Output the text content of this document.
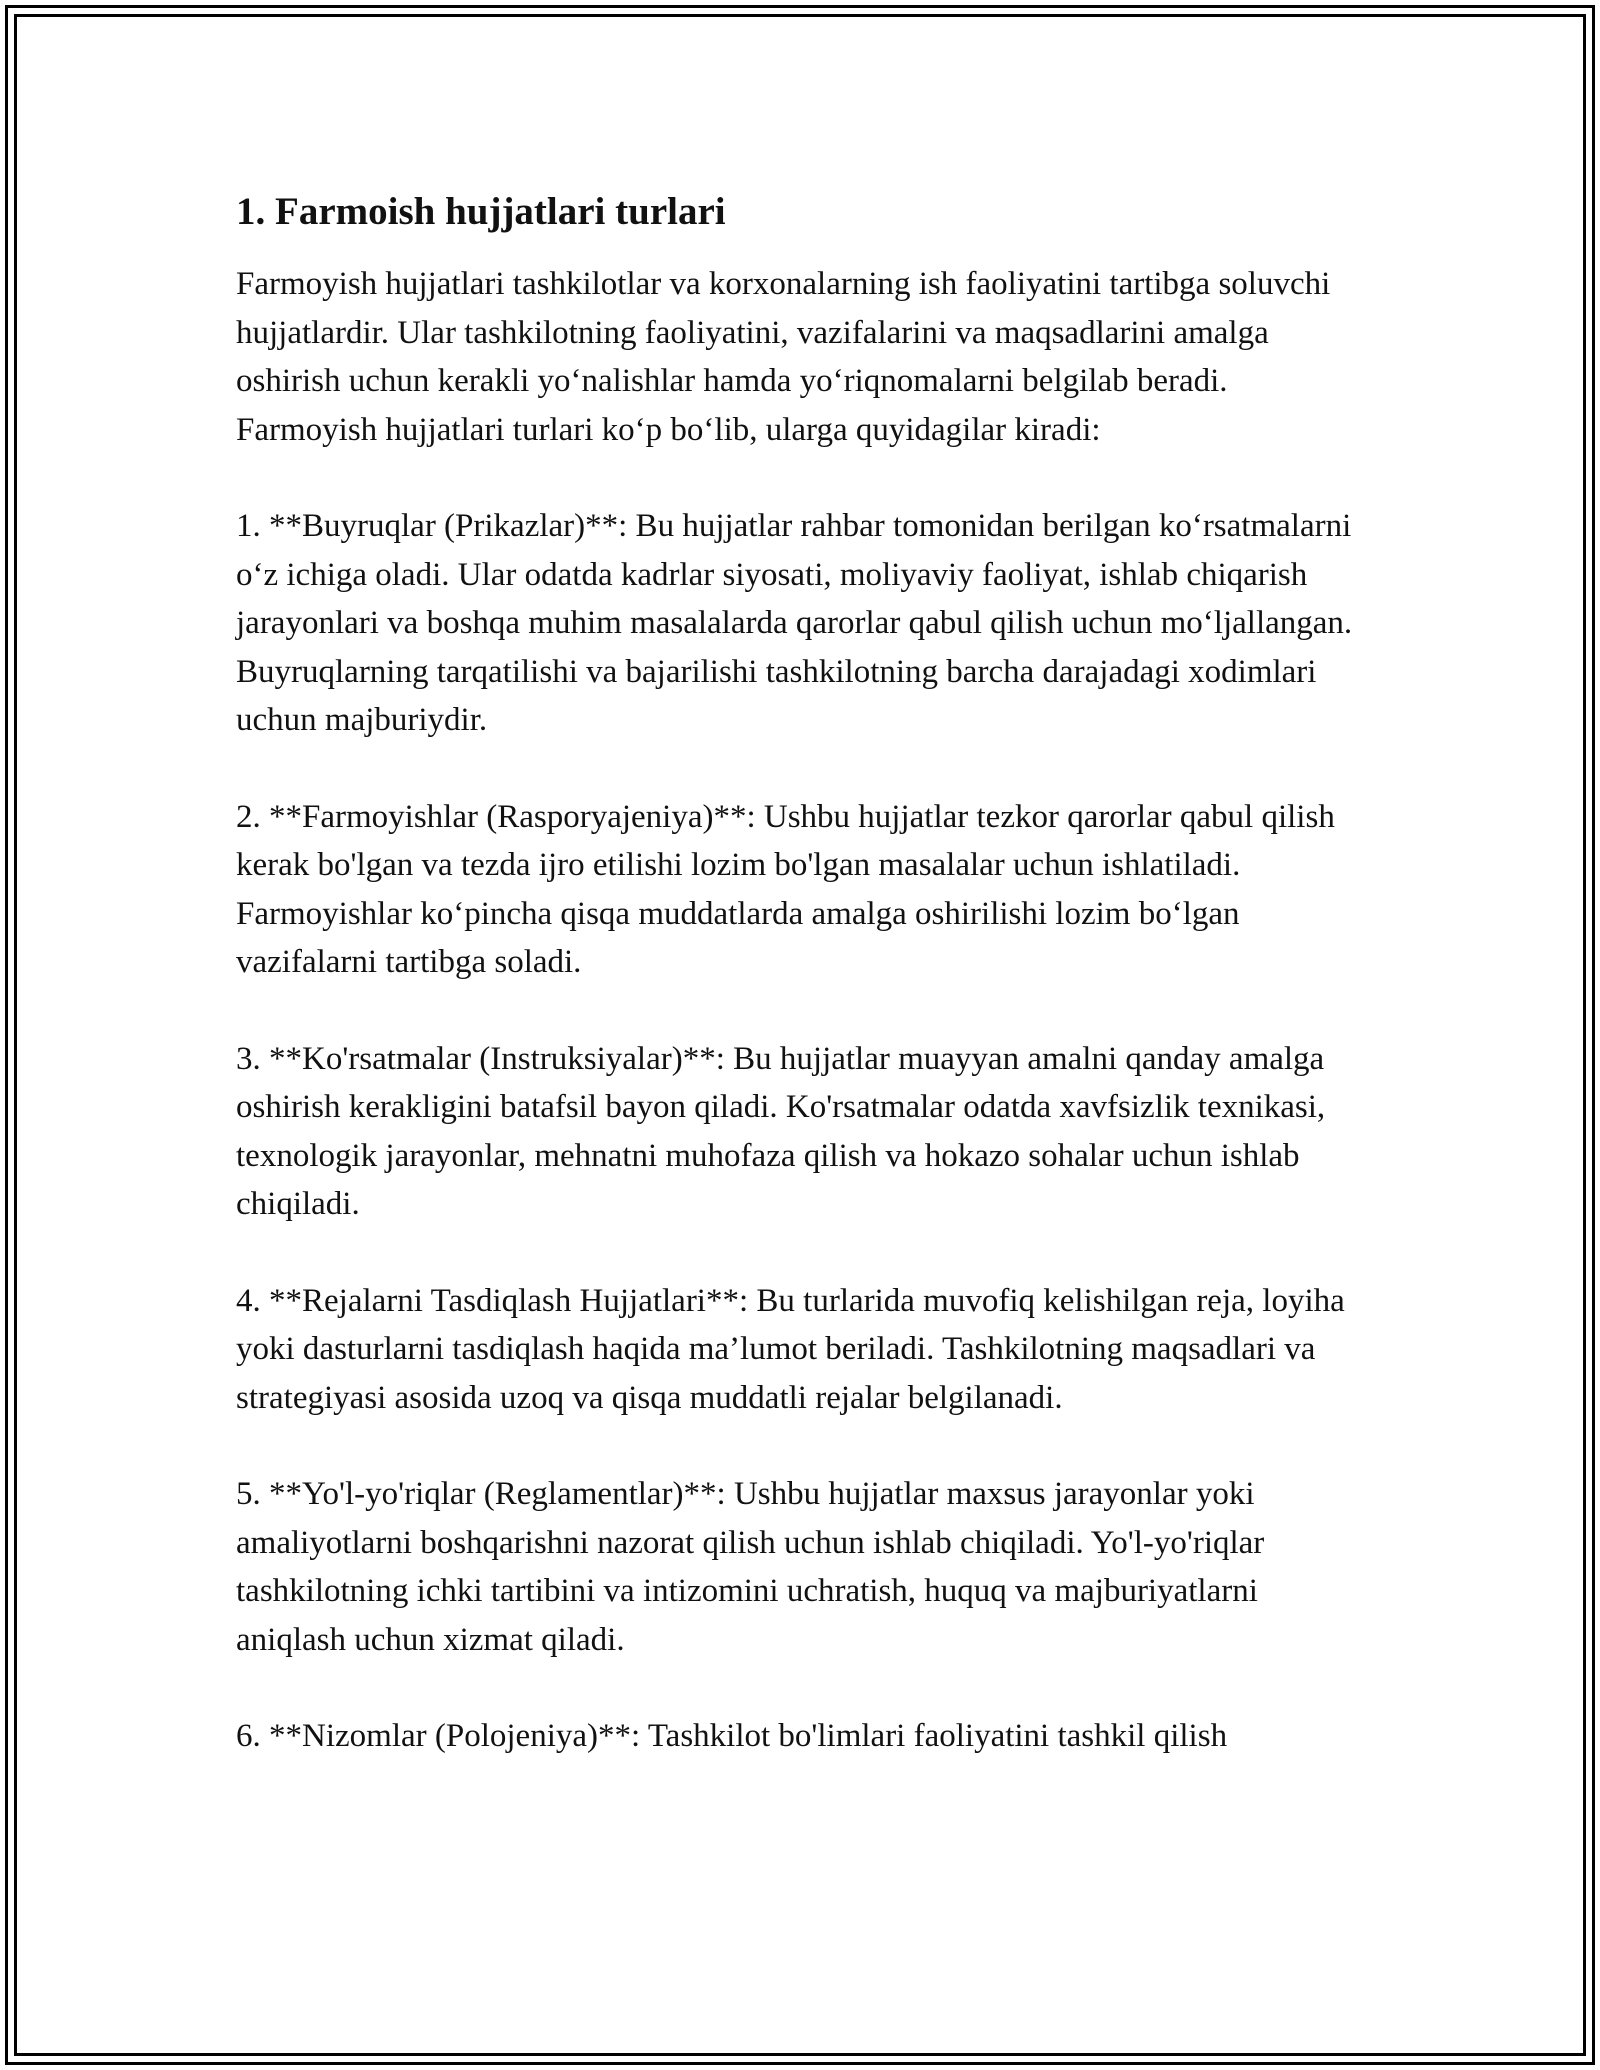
1. Farmoish hujjatlari turlari

Farmoyish hujjatlari tashkilotlar va korxonalarning ish faoliyatini tartibga soluvchi hujjatlardir. Ular tashkilotning faoliyatini, vazifalarini va maqsadlarini amalga oshirish uchun kerakli yo‘nalishlar hamda yo‘riqnomalarni belgilab beradi. Farmoyish hujjatlari turlari ko‘p bo‘lib, ularga quyidagilar kiradi:

1. **Buyruqlar (Prikazlar)**: Bu hujjatlar rahbar tomonidan berilgan ko‘rsatmalarni o‘z ichiga oladi. Ular odatda kadrlar siyosati, moliyaviy faoliyat, ishlab chiqarish jarayonlari va boshqa muhim masalalarda qarorlar qabul qilish uchun mo‘ljallangan. Buyruqlarning tarqatilishi va bajarilishi tashkilotning barcha darajadagi xodimlari uchun majburiydir.

2. **Farmoyishlar (Rasporyajeniya)**: Ushbu hujjatlar tezkor qarorlar qabul qilish kerak bo'lgan va tezda ijro etilishi lozim bo'lgan masalalar uchun ishlatiladi. Farmoyishlar ko‘pincha qisqa muddatlarda amalga oshirilishi lozim bo‘lgan vazifalarni tartibga soladi.

3. **Ko'rsatmalar (Instruksiyalar)**: Bu hujjatlar muayyan amalni qanday amalga oshirish kerakligini batafsil bayon qiladi. Ko'rsatmalar odatda xavfsizlik texnikasi, texnologik jarayonlar, mehnatni muhofaza qilish va hokazo sohalar uchun ishlab chiqiladi.

4. **Rejalarni Tasdiqlash Hujjatlari**: Bu turlarida muvofiq kelishilgan reja, loyiha yoki dasturlarni tasdiqlash haqida ma’lumot beriladi. Tashkilotning maqsadlari va strategiyasi asosida uzoq va qisqa muddatli rejalar belgilanadi.

5. **Yo'l-yo'riqlar (Reglamentlar)**: Ushbu hujjatlar maxsus jarayonlar yoki amaliyotlarni boshqarishni nazorat qilish uchun ishlab chiqiladi. Yo'l-yo'riqlar tashkilotning ichki tartibini va intizomini uchratish, huquq va majburiyatlarni aniqlash uchun xizmat qiladi.

6. **Nizomlar (Polojeniya)**: Tashkilot bo'limlari faoliyatini tashkil qilish
